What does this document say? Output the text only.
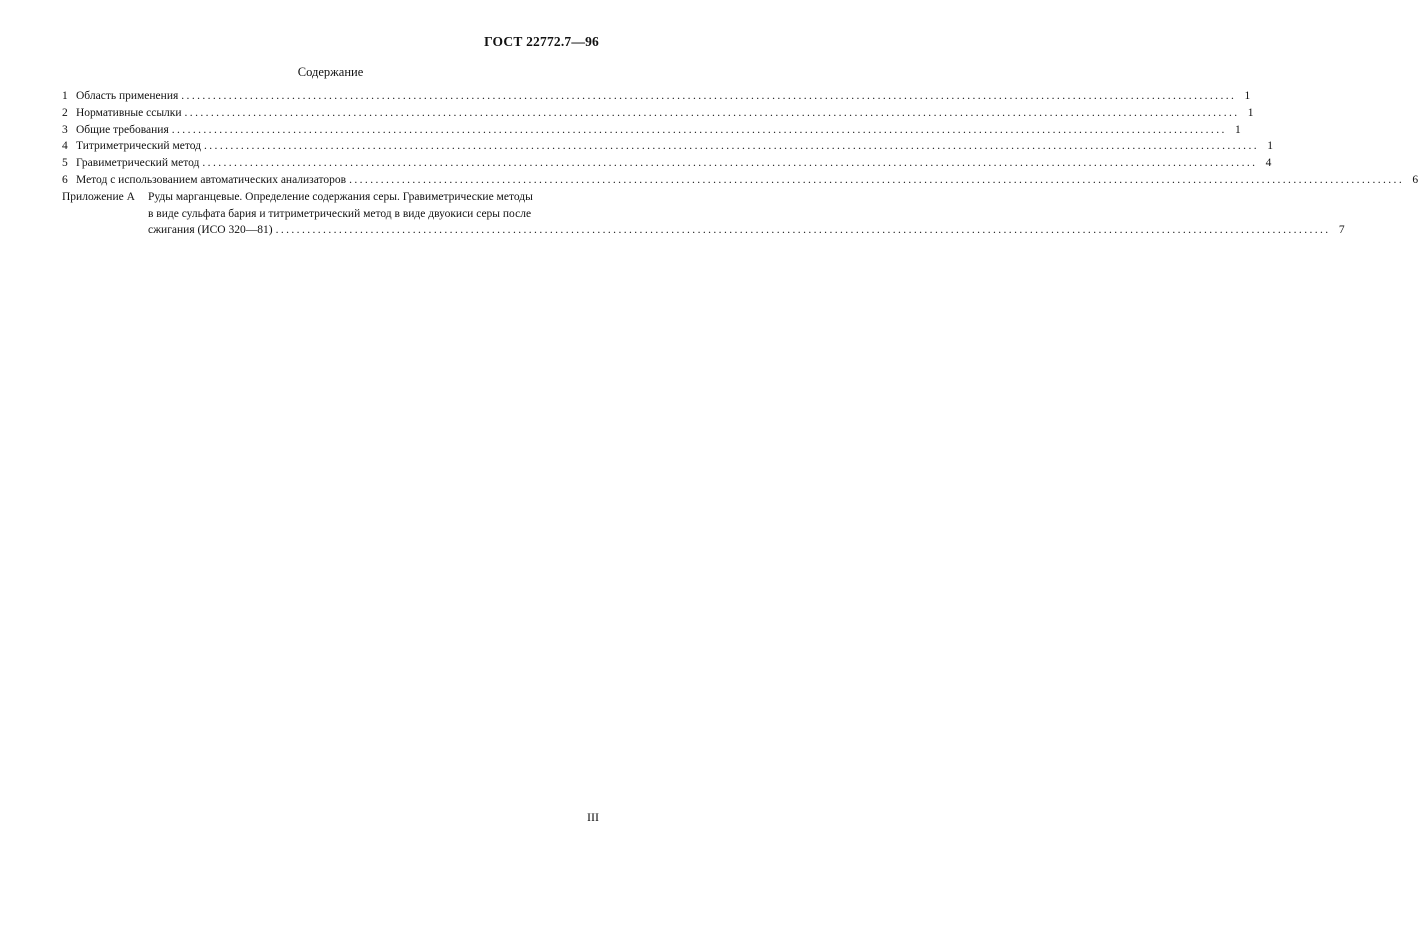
ГОСТ 22772.7—96
Содержание
1 Область применения ........................................................................................................................................................................................................ 1
2 Нормативные ссылки ........................................................................................................................................................................................................ 1
3 Общие требования ........................................................................................................................................................................................................ 1
4 Титриметрический метод ........................................................................................................................................................................................................ 1
5 Гравиметрический метод ........................................................................................................................................................................................................ 4
6 Метод с использованием автоматических анализаторов ........................................................................................................................................................................................................ 6
Приложение А	Руды марганцевые. Определение содержания серы. Гравиметрические методы
в виде сульфата бария и титриметрический метод в виде двуокиси серы после
сжигания (ИСО 320—81) ........................................................................................................................................................................................................ 7
III
